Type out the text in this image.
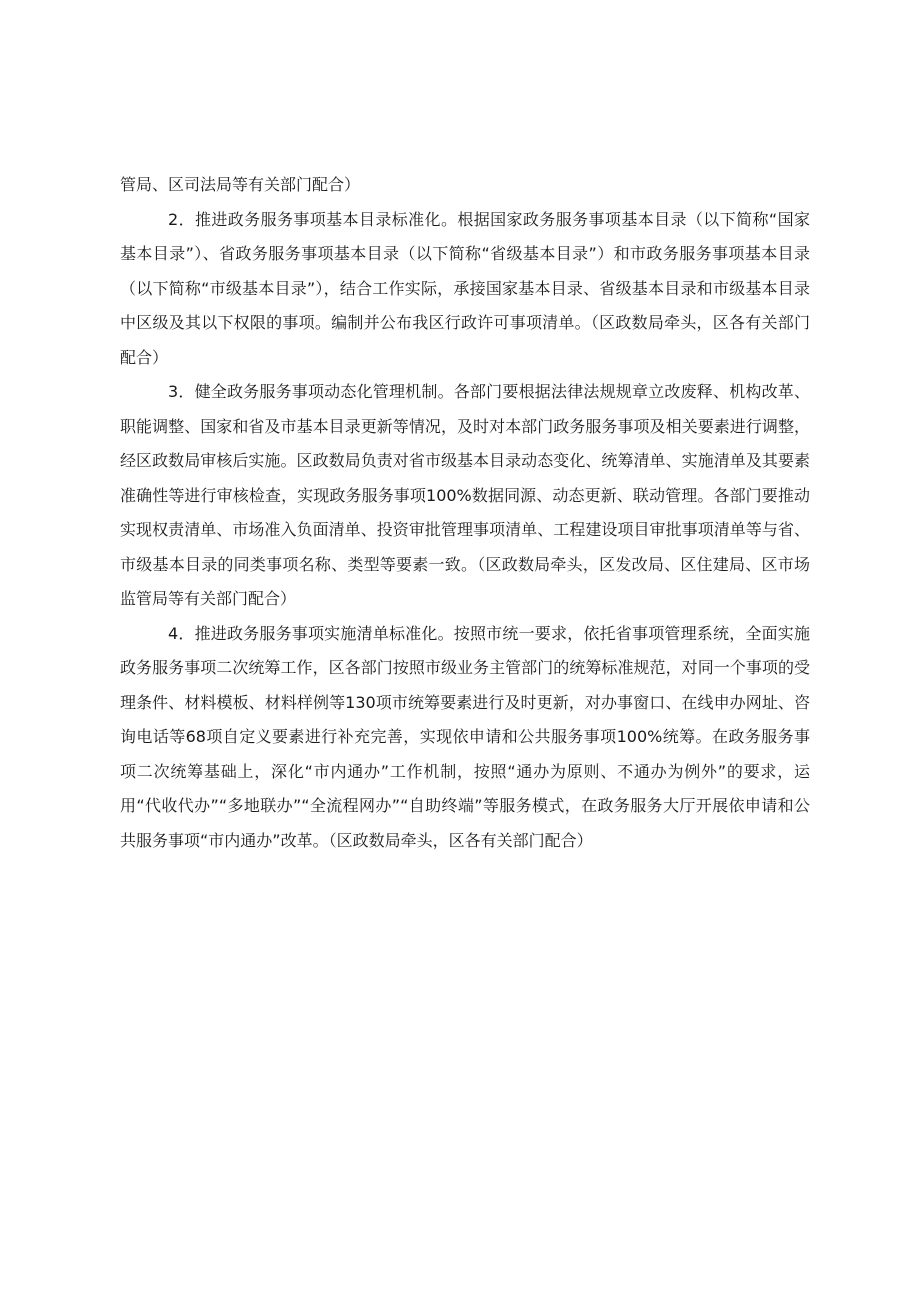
管局、区司法局等有关部门配合）

2．推进政务服务事项基本目录标准化。根据国家政务服务事项基本目录（以下简称“国家基本目录”）、省政务服务事项基本目录（以下简称“省级基本目录”）和市政务服务事项基本目录（以下简称“市级基本目录”），结合工作实际，承接国家基本目录、省级基本目录和市级基本目录中区级及其以下权限的事项。编制并公布我区行政许可事项清单。（区政数局牵头，区各有关部门配合）

3．健全政务服务事项动态化管理机制。各部门要根据法律法规规章立改废释、机构改革、职能调整、国家和省及市基本目录更新等情况，及时对本部门政务服务事项及相关要素进行调整，经区政数局审核后实施。区政数局负责对省市级基本目录动态变化、统筹清单、实施清单及其要素准确性等进行审核检查，实现政务服务事项100%数据同源、动态更新、联动管理。各部门要推动实现权责清单、市场准入负面清单、投资审批管理事项清单、工程建设项目审批事项清单等与省、市级基本目录的同类事项名称、类型等要素一致。（区政数局牵头，区发改局、区住建局、区市场监管局等有关部门配合）

4．推进政务服务事项实施清单标准化。按照市统一要求，依托省事项管理系统，全面实施政务服务事项二次统筹工作，区各部门按照市级业务主管部门的统筹标准规范，对同一个事项的受理条件、材料模板、材料样例等130项市统筹要素进行及时更新，对办事窗口、在线申办网址、咨询电话等68项自定义要素进行补充完善，实现依申请和公共服务事项100%统筹。在政务服务事项二次统筹基础上，深化“市内通办”工作机制，按照“通办为原则、不通办为例外”的要求，运用“代收代办”“多地联办”“全流程网办”“自助终端”等服务模式，在政务服务大厅开展依申请和公共服务事项“市内通办”改革。（区政数局牵头，区各有关部门配合）
